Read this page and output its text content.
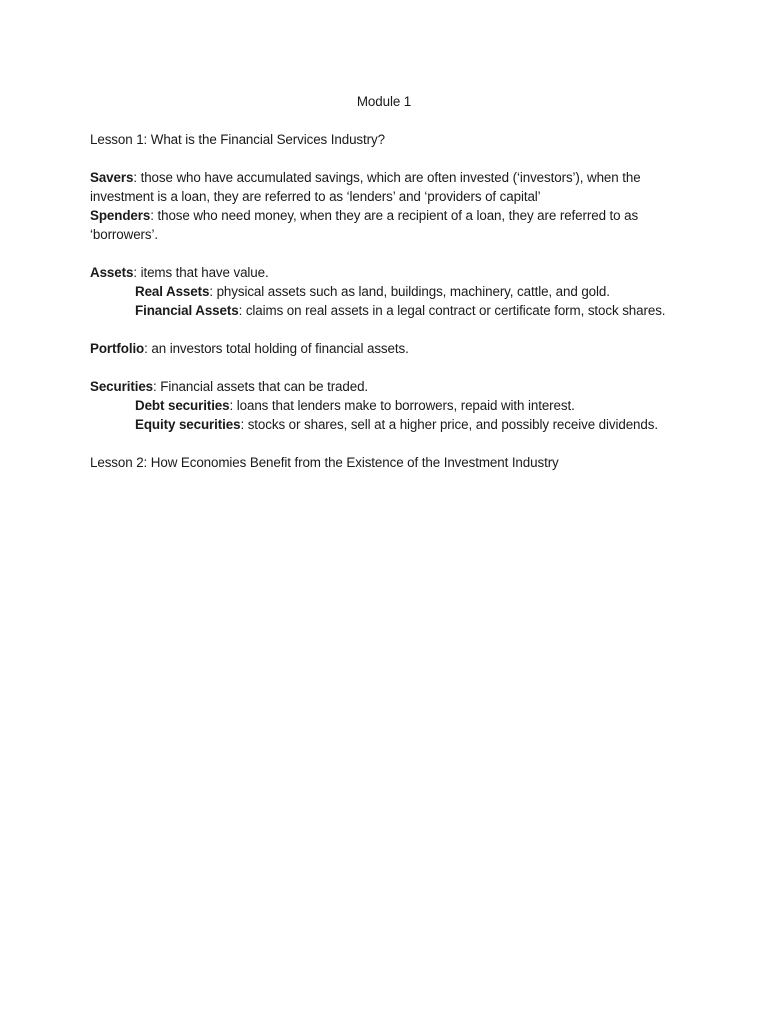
Module 1

Lesson 1: What is the Financial Services Industry?

Savers: those who have accumulated savings, which are often invested (‘investors’), when the investment is a loan, they are referred to as ‘lenders’ and ‘providers of capital’

Spenders: those who need money, when they are a recipient of a loan, they are referred to as ‘borrowers’.

Assets: items that have value.

Real Assets: physical assets such as land, buildings, machinery, cattle, and gold.

Financial Assets: claims on real assets in a legal contract or certificate form, stock shares.

Portfolio: an investors total holding of financial assets.

Securities: Financial assets that can be traded.

Debt securities: loans that lenders make to borrowers, repaid with interest.

Equity securities: stocks or shares, sell at a higher price, and possibly receive dividends.

Lesson 2: How Economies Benefit from the Existence of the Investment Industry
